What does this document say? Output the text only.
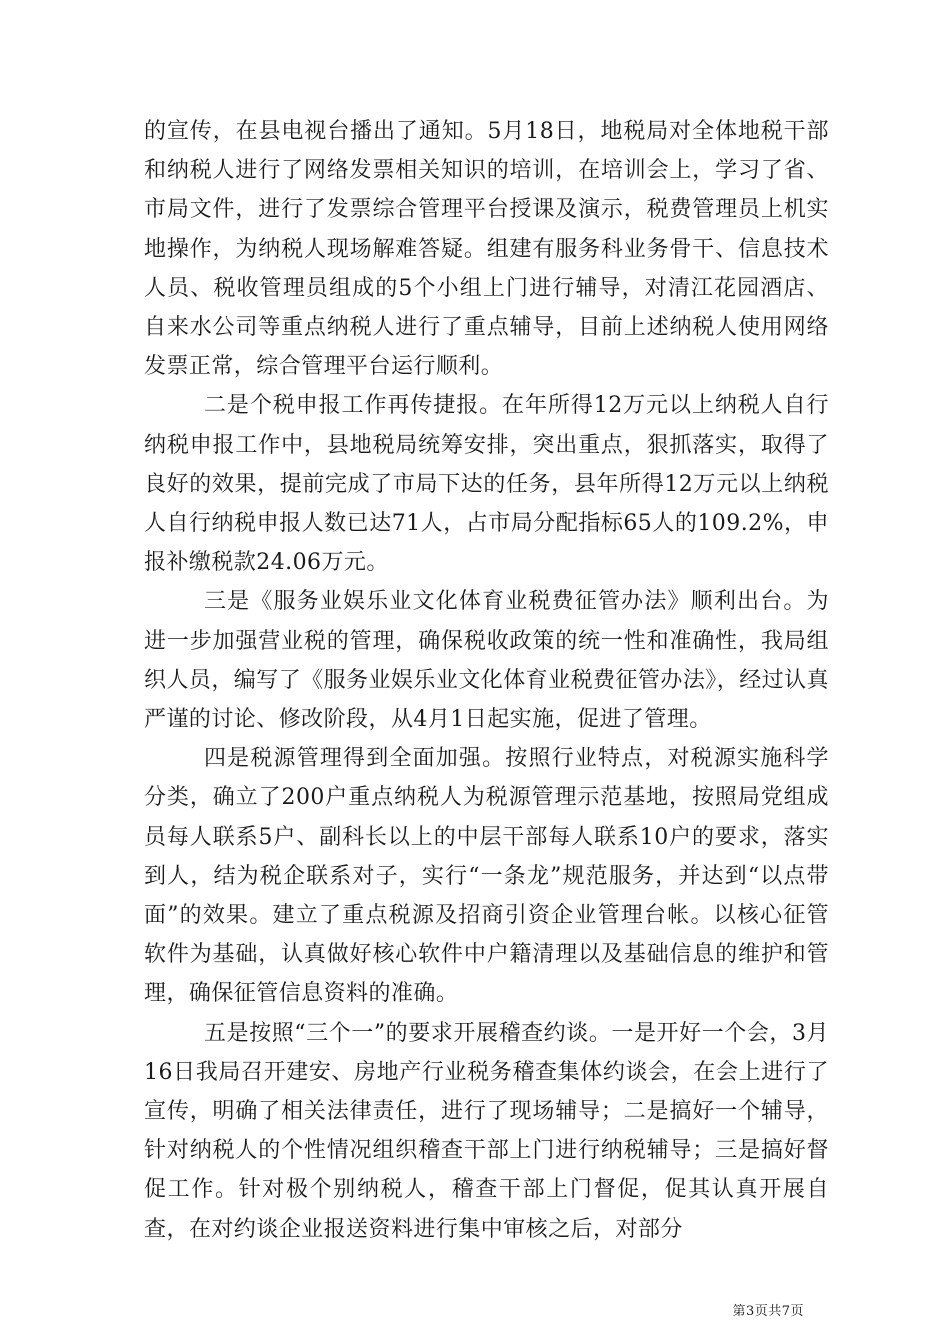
的宣传，在县电视台播出了通知。5月18日，地税局对全体地税干部和纳税人进行了网络发票相关知识的培训，在培训会上，学习了省、市局文件，进行了发票综合管理平台授课及演示，税费管理员上机实地操作，为纳税人现场解难答疑。组建有服务科业务骨干、信息技术人员、税收管理员组成的5个小组上门进行辅导，对清江花园酒店、自来水公司等重点纳税人进行了重点辅导，目前上述纳税人使用网络发票正常，综合管理平台运行顺利。

二是个税申报工作再传捷报。在年所得12万元以上纳税人自行纳税申报工作中，县地税局统筹安排，突出重点，狠抓落实，取得了良好的效果，提前完成了市局下达的任务，县年所得12万元以上纳税人自行纳税申报人数已达71人，占市局分配指标65人的109.2%，申报补缴税款24.06万元。

三是《服务业娱乐业文化体育业税费征管办法》顺利出台。为进一步加强营业税的管理，确保税收政策的统一性和准确性，我局组织人员，编写了《服务业娱乐业文化体育业税费征管办法》，经过认真严谨的讨论、修改阶段，从4月1日起实施，促进了管理。

四是税源管理得到全面加强。按照行业特点，对税源实施科学分类，确立了200户重点纳税人为税源管理示范基地，按照局党组成员每人联系5户、副科长以上的中层干部每人联系10户的要求，落实到人，结为税企联系对子，实行“一条龙”规范服务，并达到“以点带面”的效果。建立了重点税源及招商引资企业管理台帐。以核心征管软件为基础，认真做好核心软件中户籍清理以及基础信息的维护和管理，确保征管信息资料的准确。

五是按照“三个一”的要求开展稽查约谈。一是开好一个会，3月16日我局召开建安、房地产行业税务稽查集体约谈会，在会上进行了宣传，明确了相关法律责任，进行了现场辅导；二是搞好一个辅导，针对纳税人的个性情况组织稽查干部上门进行纳税辅导；三是搞好督促工作。针对极个别纳税人，稽查干部上门督促，促其认真开展自查，在对约谈企业报送资料进行集中审核之后，对部分

第3页共7页
